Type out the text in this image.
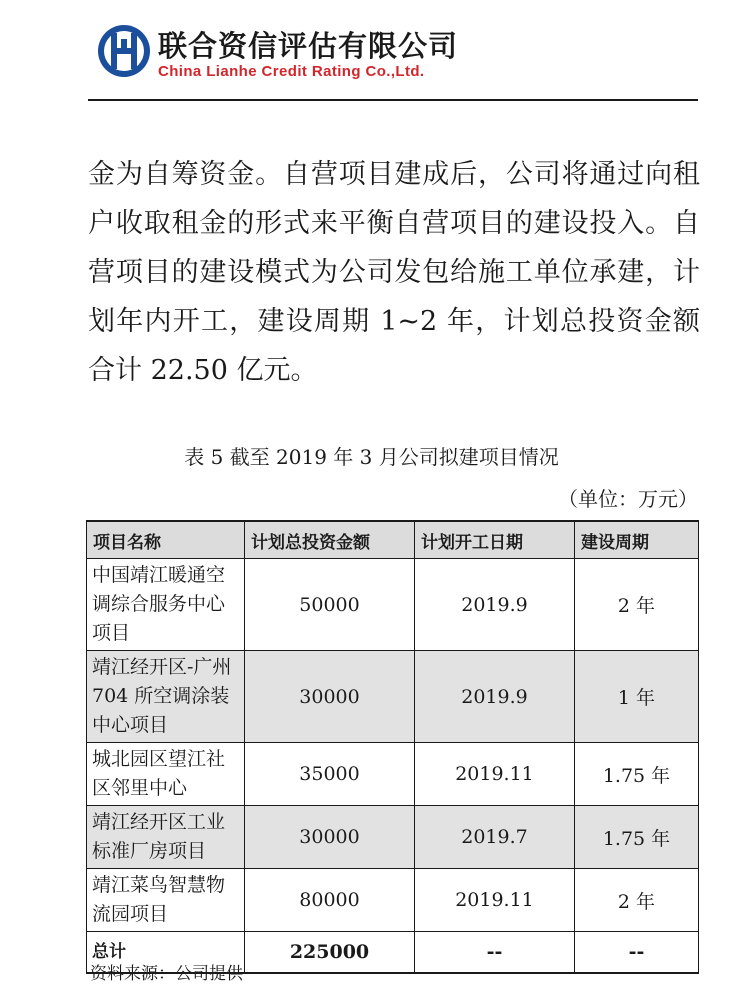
联合资信评估有限公司
China Lianhe Credit Rating Co.,Ltd.

金为自筹资金。自营项目建成后，公司将通过向租户收取租金的形式来平衡自营项目的建设投入。自营项目的建设模式为公司发包给施工单位承建，计划年内开工，建设周期 1~2 年，计划总投资金额合计 22.50 亿元。

表 5 截至 2019 年 3 月公司拟建项目情况
（单位：万元）
项目名称	计划总投资金额	计划开工日期	建设周期
中国靖江暖通空调综合服务中心项目	50000	2019.9	2 年
靖江经开区-广州 704 所空调涂装中心项目	30000	2019.9	1 年
城北园区望江社区邻里中心	35000	2019.11	1.75 年
靖江经开区工业标准厂房项目	30000	2019.7	1.75 年
靖江菜鸟智慧物流园项目	80000	2019.11	2 年
总计	225000	--	--
资料来源：公司提供
